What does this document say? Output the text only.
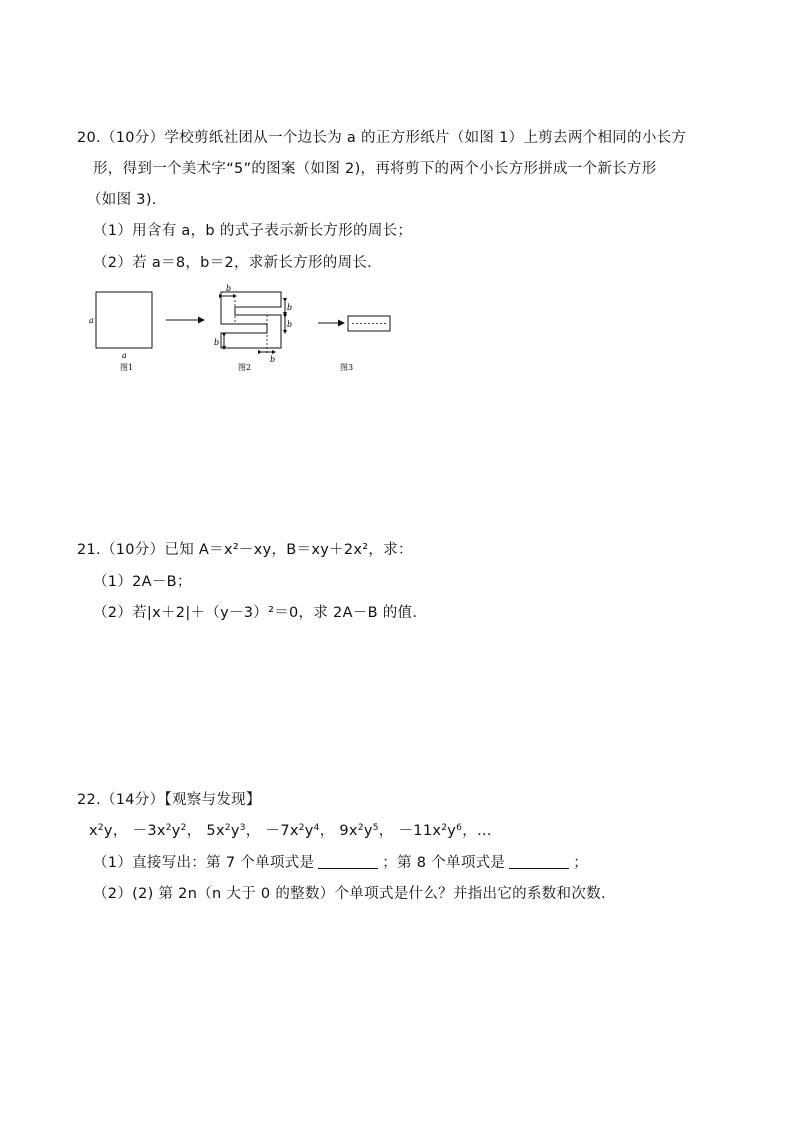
20.（10分）学校剪纸社团从一个边长为 a 的正方形纸片（如图 1）上剪去两个相同的小长方
形，得到一个美术字“5”的图案（如图 2)，再将剪下的两个小长方形拼成一个新长方形
（如图 3).
（1）用含有 a，b 的式子表示新长方形的周长；
（2）若 a＝8，b＝2，求新长方形的周长.
a
a
图1
b
b
b
b
b
图2	图3
21.（10分）已知 A＝x²－xy，B＝xy＋2x²，求：
（1）2A－B；
（2）若|x＋2|＋（y－3）²＝0，求 2A－B 的值.
22.（14分）【观察与发现】
$x^2y$， $-3x^2y^2$， $5x^2y^3$， $-7x^2y^4$， $9x^2y^5$， $-11x^2y^6$，…
（1）直接写出：第 7 个单项式是	；第 8 个单项式是	；
（2）(2) 第 2n（n 大于 0 的整数）个单项式是什么？并指出它的系数和次数.
